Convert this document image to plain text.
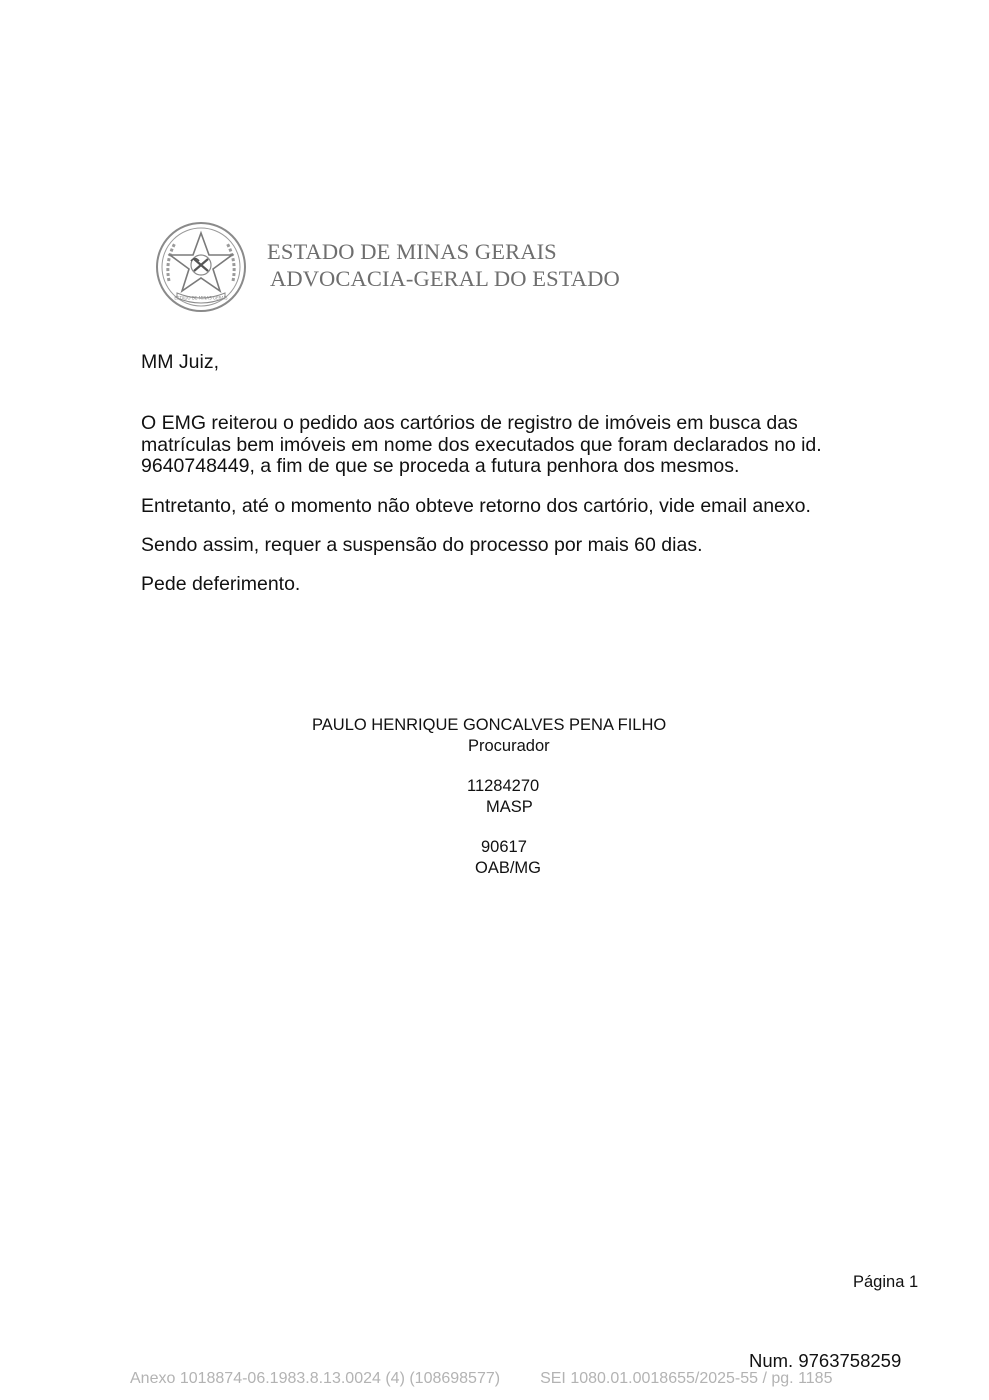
ESTADO DE MINAS GERAIS
ESTADO DE MINAS GERAIS
ADVOCACIA-GERAL DO ESTADO
MM Juiz,

O EMG reiterou o pedido aos cartórios de registro de imóveis em busca das
matrículas bem imóveis em nome dos executados que foram declarados no id.
9640748449, a fim de que se proceda a futura penhora dos mesmos.

Entretanto, até o momento não obteve retorno dos cartório, vide email anexo.

Sendo assim, requer a suspensão do processo por mais 60 dias.

Pede deferimento.

PAULO HENRIQUE GONCALVES PENA FILHO
Procurador
11284270
MASP
90617
OAB/MG
Página 1
Num. 9763758259
Anexo 1018874-06.1983.8.13.0024 (4) (108698577)	SEI 1080.01.0018655/2025-55 / pg. 1185
